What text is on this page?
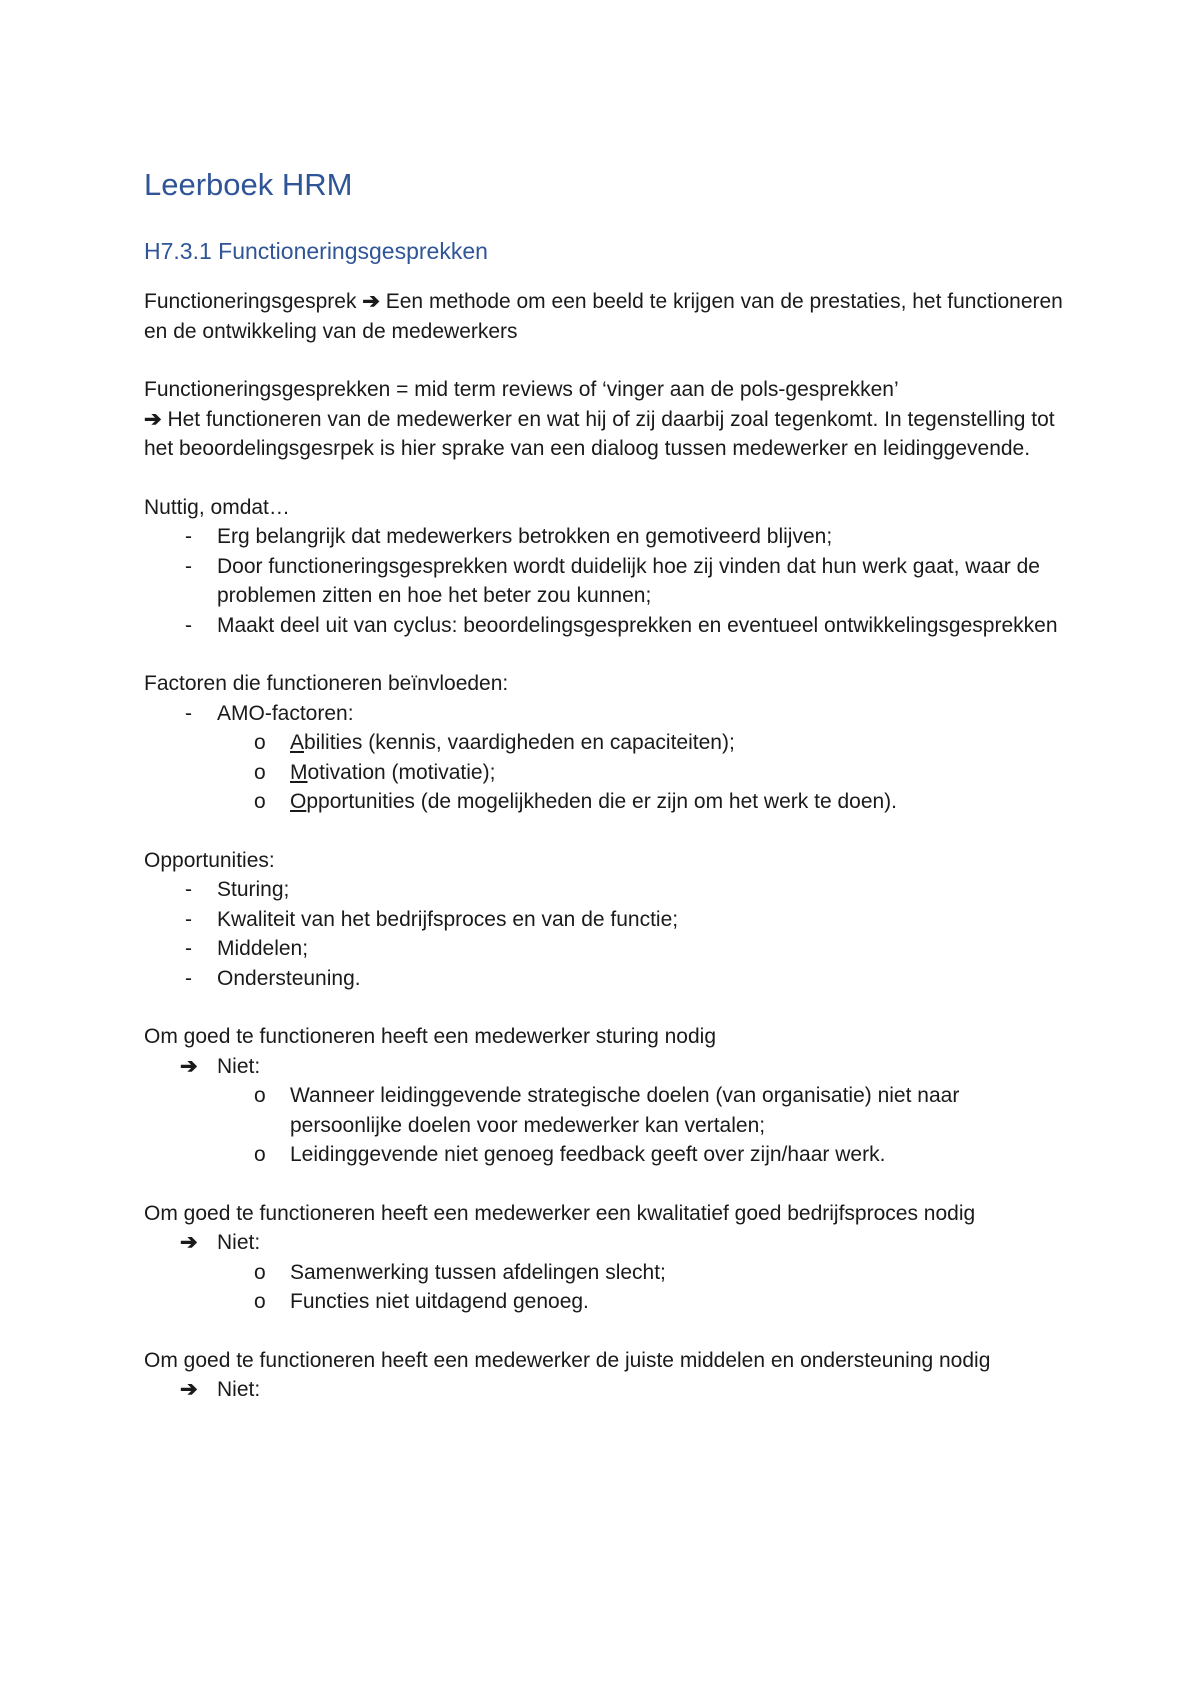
Leerboek HRM
H7.3.1 Functioneringsgesprekken

Functioneringsgesprek ➔ Een methode om een beeld te krijgen van de prestaties, het functioneren en de ontwikkeling van de medewerkers

Functioneringsgesprekken = mid term reviews of ‘vinger aan de pols-gesprekken’

➔ Het functioneren van de medewerker en wat hij of zij daarbij zoal tegenkomt. In tegenstelling tot het beoordelingsgesrpek is hier sprake van een dialoog tussen medewerker en leidinggevende.

Nuttig, omdat…

- Erg belangrijk dat medewerkers betrokken en gemotiveerd blijven;
- Door functioneringsgesprekken wordt duidelijk hoe zij vinden dat hun werk gaat, waar de problemen zitten en hoe het beter zou kunnen;
- Maakt deel uit van cyclus: beoordelingsgesprekken en eventueel ontwikkelingsgesprekken

Factoren die functioneren beïnvloeden:

- AMO-factoren:
o Abilities (kennis, vaardigheden en capaciteiten);
o Motivation (motivatie);
o Opportunities (de mogelijkheden die er zijn om het werk te doen).

Opportunities:

- Sturing;
- Kwaliteit van het bedrijfsproces en van de functie;
- Middelen;
- Ondersteuning.

Om goed te functioneren heeft een medewerker sturing nodig

➔ Niet:
o Wanneer leidinggevende strategische doelen (van organisatie) niet naar persoonlijke doelen voor medewerker kan vertalen;
o Leidinggevende niet genoeg feedback geeft over zijn/haar werk.

Om goed te functioneren heeft een medewerker een kwalitatief goed bedrijfsproces nodig

➔ Niet:
o Samenwerking tussen afdelingen slecht;
o Functies niet uitdagend genoeg.

Om goed te functioneren heeft een medewerker de juiste middelen en ondersteuning nodig

➔ Niet:
